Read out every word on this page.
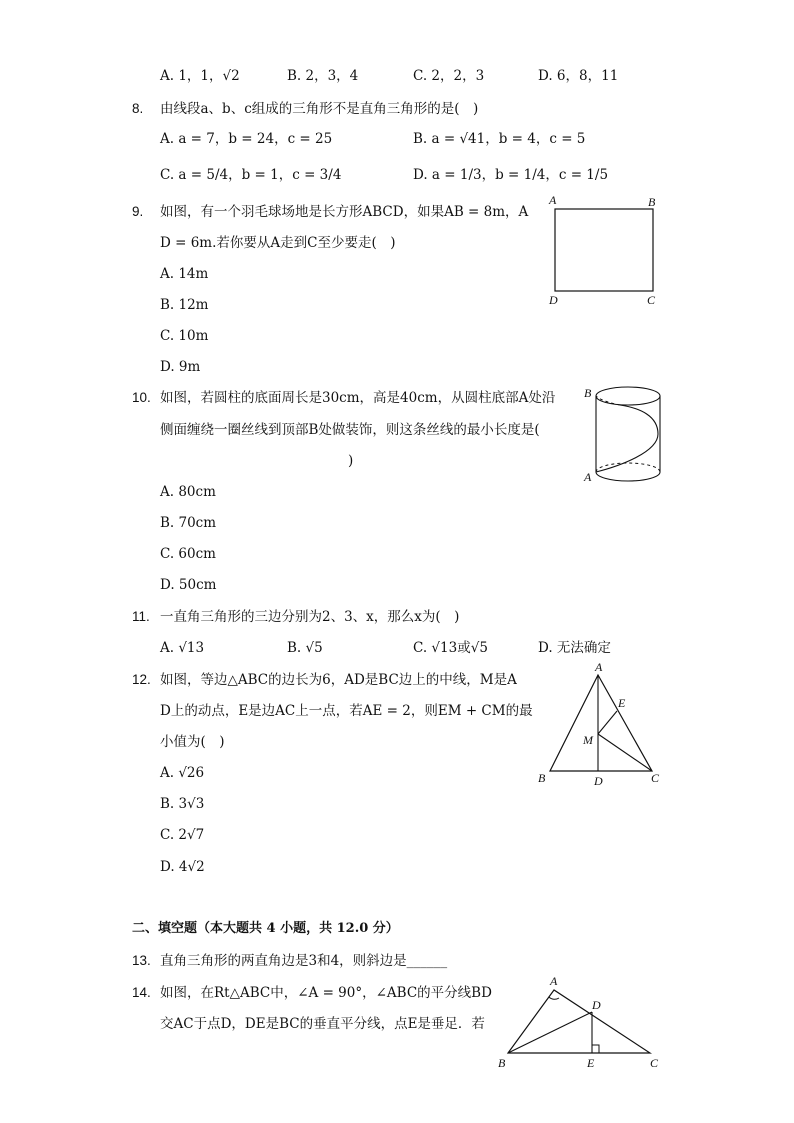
A. 1，1，√2	B. 2，3，4	C. 2，2，3	D. 6，8，11
8. 由线段a、b、c组成的三角形不是直角三角形的是(　)
A. a = 7，b = 24，c = 25	B. a = √41，b = 4，c = 5
C. a = 5/4，b = 1，c = 3/4	D. a = 1/3，b = 1/4，c = 1/5
9. 如图，有一个羽毛球场地是长方形ABCD，如果AB = 8m，A
D = 6m.若你要从A走到C至少要走(　)
A. 14m
B. 12m
C. 10m
D. 9m
A	B
D	C
10. 如图，若圆柱的底面周长是30cm，高是40cm，从圆柱底部A处沿
侧面缠绕一圈丝线到顶部B处做装饰，则这条丝线的最小长度是(
)
A. 80cm
B. 70cm
C. 60cm
D. 50cm
B
A
11. 一直角三角形的三边分别为2、3、x，那么x为(　)
A. √13	B. √5	C. √13或√5	D. 无法确定
12. 如图，等边△ABC的边长为6，AD是BC边上的中线，M是A
D上的动点，E是边AC上一点，若AE = 2，则EM + CM的最
小值为(　)
A. √26
B. 3√3
C. 2√7
D. 4√2
A
E
M
B	D	C
二、填空题（本大题共 4 小题，共 12.0 分）
13. 直角三角形的两直角边是3和4，则斜边是______
14. 如图，在Rt△ABC中，∠A = 90°，∠ABC的平分线BD
交AC于点D，DE是BC的垂直平分线，点E是垂足．若
A
D
B	E	C
